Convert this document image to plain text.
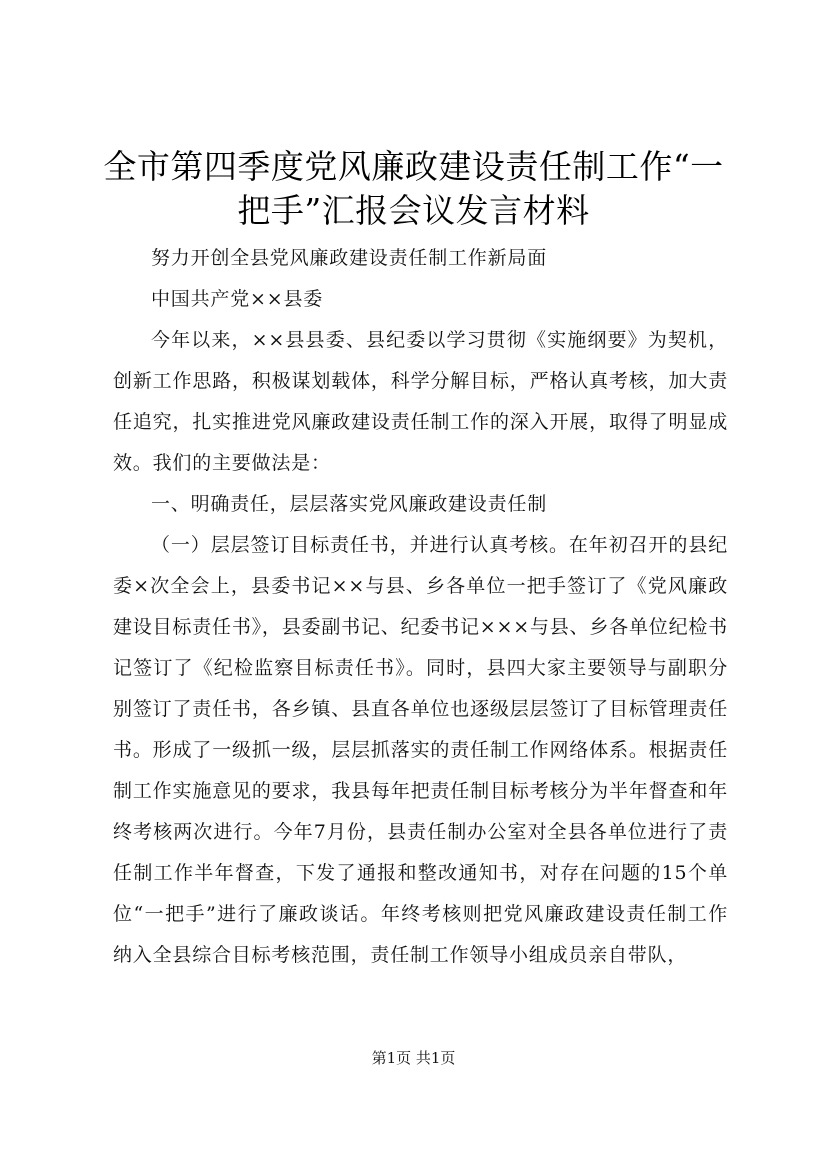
全市第四季度党风廉政建设责任制工作“一把手”汇报会议发言材料

努力开创全县党风廉政建设责任制工作新局面

中国共产党××县委

今年以来，××县县委、县纪委以学习贯彻《实施纲要》为契机，创新工作思路，积极谋划载体，科学分解目标，严格认真考核，加大责任追究，扎实推进党风廉政建设责任制工作的深入开展，取得了明显成效。我们的主要做法是：

一、明确责任，层层落实党风廉政建设责任制

（一）层层签订目标责任书，并进行认真考核。在年初召开的县纪委×次全会上，县委书记××与县、乡各单位一把手签订了《党风廉政建设目标责任书》，县委副书记、纪委书记×××与县、乡各单位纪检书记签订了《纪检监察目标责任书》。同时，县四大家主要领导与副职分别签订了责任书，各乡镇、县直各单位也逐级层层签订了目标管理责任书。形成了一级抓一级，层层抓落实的责任制工作网络体系。根据责任制工作实施意见的要求，我县每年把责任制目标考核分为半年督查和年终考核两次进行。今年7月份，县责任制办公室对全县各单位进行了责任制工作半年督查，下发了通报和整改通知书，对存在问题的15个单位“一把手”进行了廉政谈话。年终考核则把党风廉政建设责任制工作纳入全县综合目标考核范围，责任制工作领导小组成员亲自带队，

第1页 共1页
